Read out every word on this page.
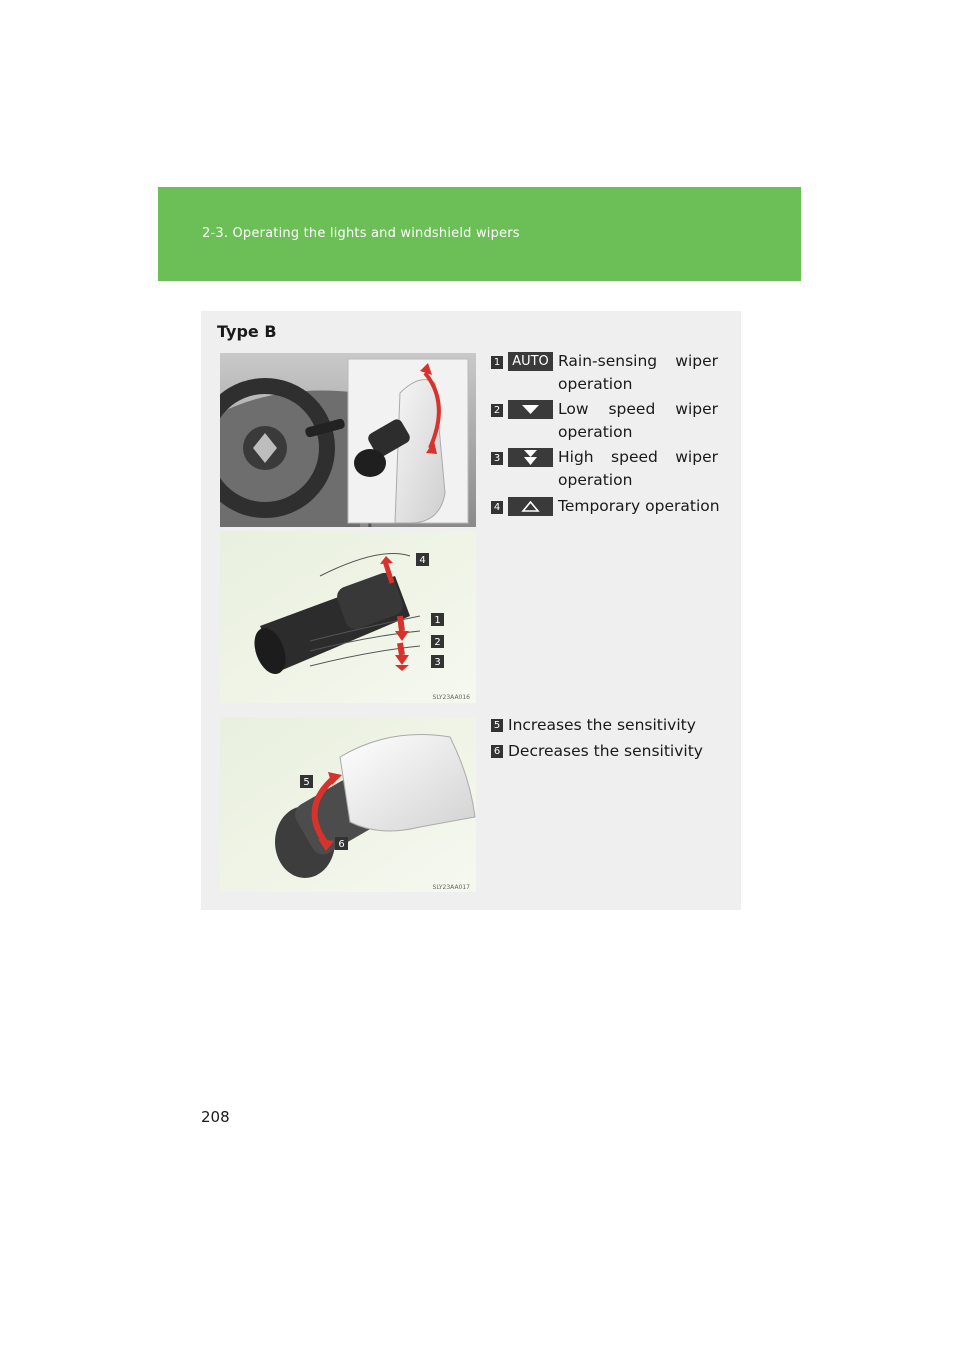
2-3. Operating the lights and windshield wipers
Type B
4
1
2
3
SLY23AA016
5
6
SLY23AA017
1 AUTO Rain-sensing wiper operation
2	Low speed wiper operation
3	High speed wiper operation
4	Temporary operation
5 Increases the sensitivity
6 Decreases the sensitivity
208
